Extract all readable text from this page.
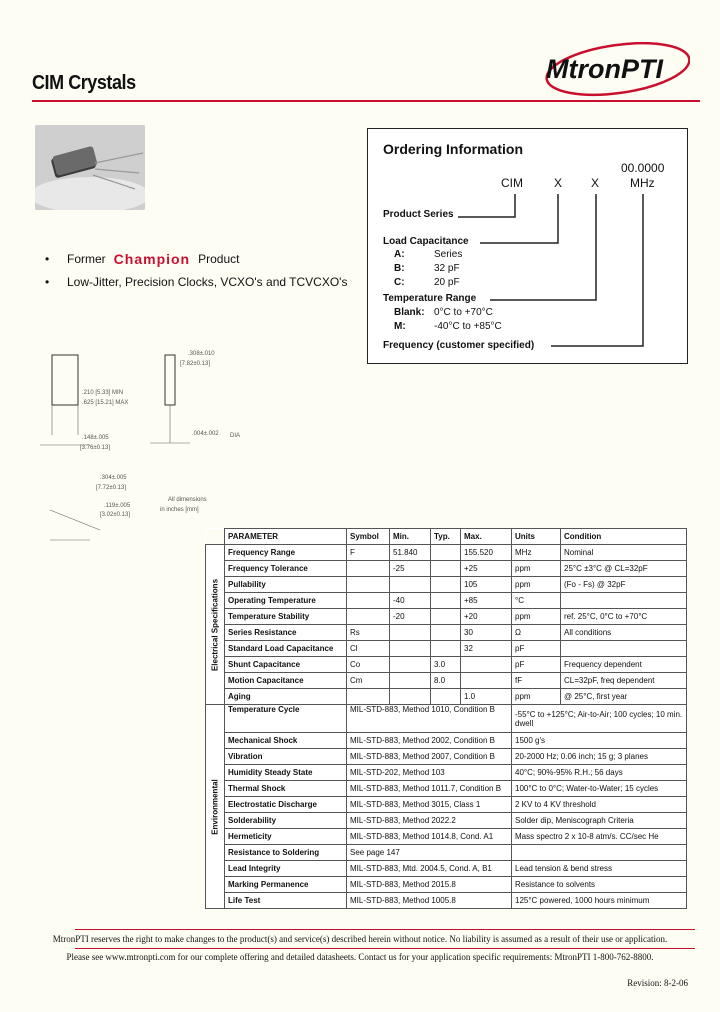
CIM Crystals	MtronPTI
•	Former Champion Product
•	Low-Jitter, Precision Clocks, VCXO's and TCVCXO's
.308±.010
[7.82±0.13]
.210 [5.33] MIN
.625 [15.21] MAX
.148±.005
[3.76±0.13]
.004±.002
.304±.005
[7.72±0.13]
.119±.005
[3.02±0.13]
DIA
All dimensions
in inches [mm]
Ordering Information
00.0000
CIM	X X	MHz
Product Series
Load Capacitance
A:	Series
B:	32 pF
C:	20 pF
Temperature Range
Blank: 0°C to +70°C
M:	-40°C to +85°C
Frequency (customer specified)
	PARAMETER	Symbol	Min.	Typ.	Max.	Units	Condition

Electrical Specifications	Frequency Range	F	51.840		155.520	MHz	Nominal
	Frequency Tolerance		-25		+25	ppm	25°C ±3°C @ CL=32pF
	Pullability				105	ppm	(Fo - Fs) @ 32pF
	Operating Temperature		-40		+85	°C	
	Temperature Stability		-20		+20	ppm	ref. 25°C, 0°C to +70°C
	Series Resistance	Rs			30	Ω	All conditions
	Standard Load Capacitance	Cl			32	pF	
	Shunt Capacitance	Co		3.0		pF	Frequency dependent
	Motion Capacitance	Cm		8.0		fF	CL=32pF, freq dependent
	Aging				1.0	ppm	@ 25°C, first year

Environmental	Temperature Cycle	MIL-STD-883, Method 1010, Condition B				-55°C to +125°C; Air-to-Air; 100 cycles; 10 min. dwell	
	Mechanical Shock	MIL-STD-883, Method 2002, Condition B				1500 g's	
	Vibration	MIL-STD-883, Method 2007, Condition B				20-2000 Hz; 0.06 inch; 15 g; 3 planes	
	Humidity Steady State	MIL-STD-202, Method 103				40°C; 90%-95% R.H.; 56 days	
	Thermal Shock	MIL-STD-883, Method 1011.7, Condition B				100°C to 0°C; Water-to-Water; 15 cycles	
	Electrostatic Discharge	MIL-STD-883, Method 3015, Class 1				2 KV to 4 KV threshold	
	Solderability	MIL-STD-883, Method 2022.2				Solder dip, Meniscograph Criteria	
	Hermeticity	MIL-STD-883, Method 1014.8, Cond. A1				Mass spectro 2 x 10-8 atm/s. CC/sec He	
	Resistance to Soldering	See page 147					
	Lead Integrity	MIL-STD-883, Mtd. 2004.5, Cond. A, B1				Lead tension & bend stress	
	Marking Permanence	MIL-STD-883, Method 2015.8				Resistance to solvents	
	Life Test	MIL-STD-883, Method 1005.8				125°C powered, 1000 hours minimum	
MtronPTI reserves the right to make changes to the product(s) and service(s) described herein without notice. No liability is assumed as a result of their use or application.
Please see www.mtronpti.com for our complete offering and detailed datasheets. Contact us for your application specific requirements: MtronPTI 1-800-762-8800.
Revision: 8-2-06
